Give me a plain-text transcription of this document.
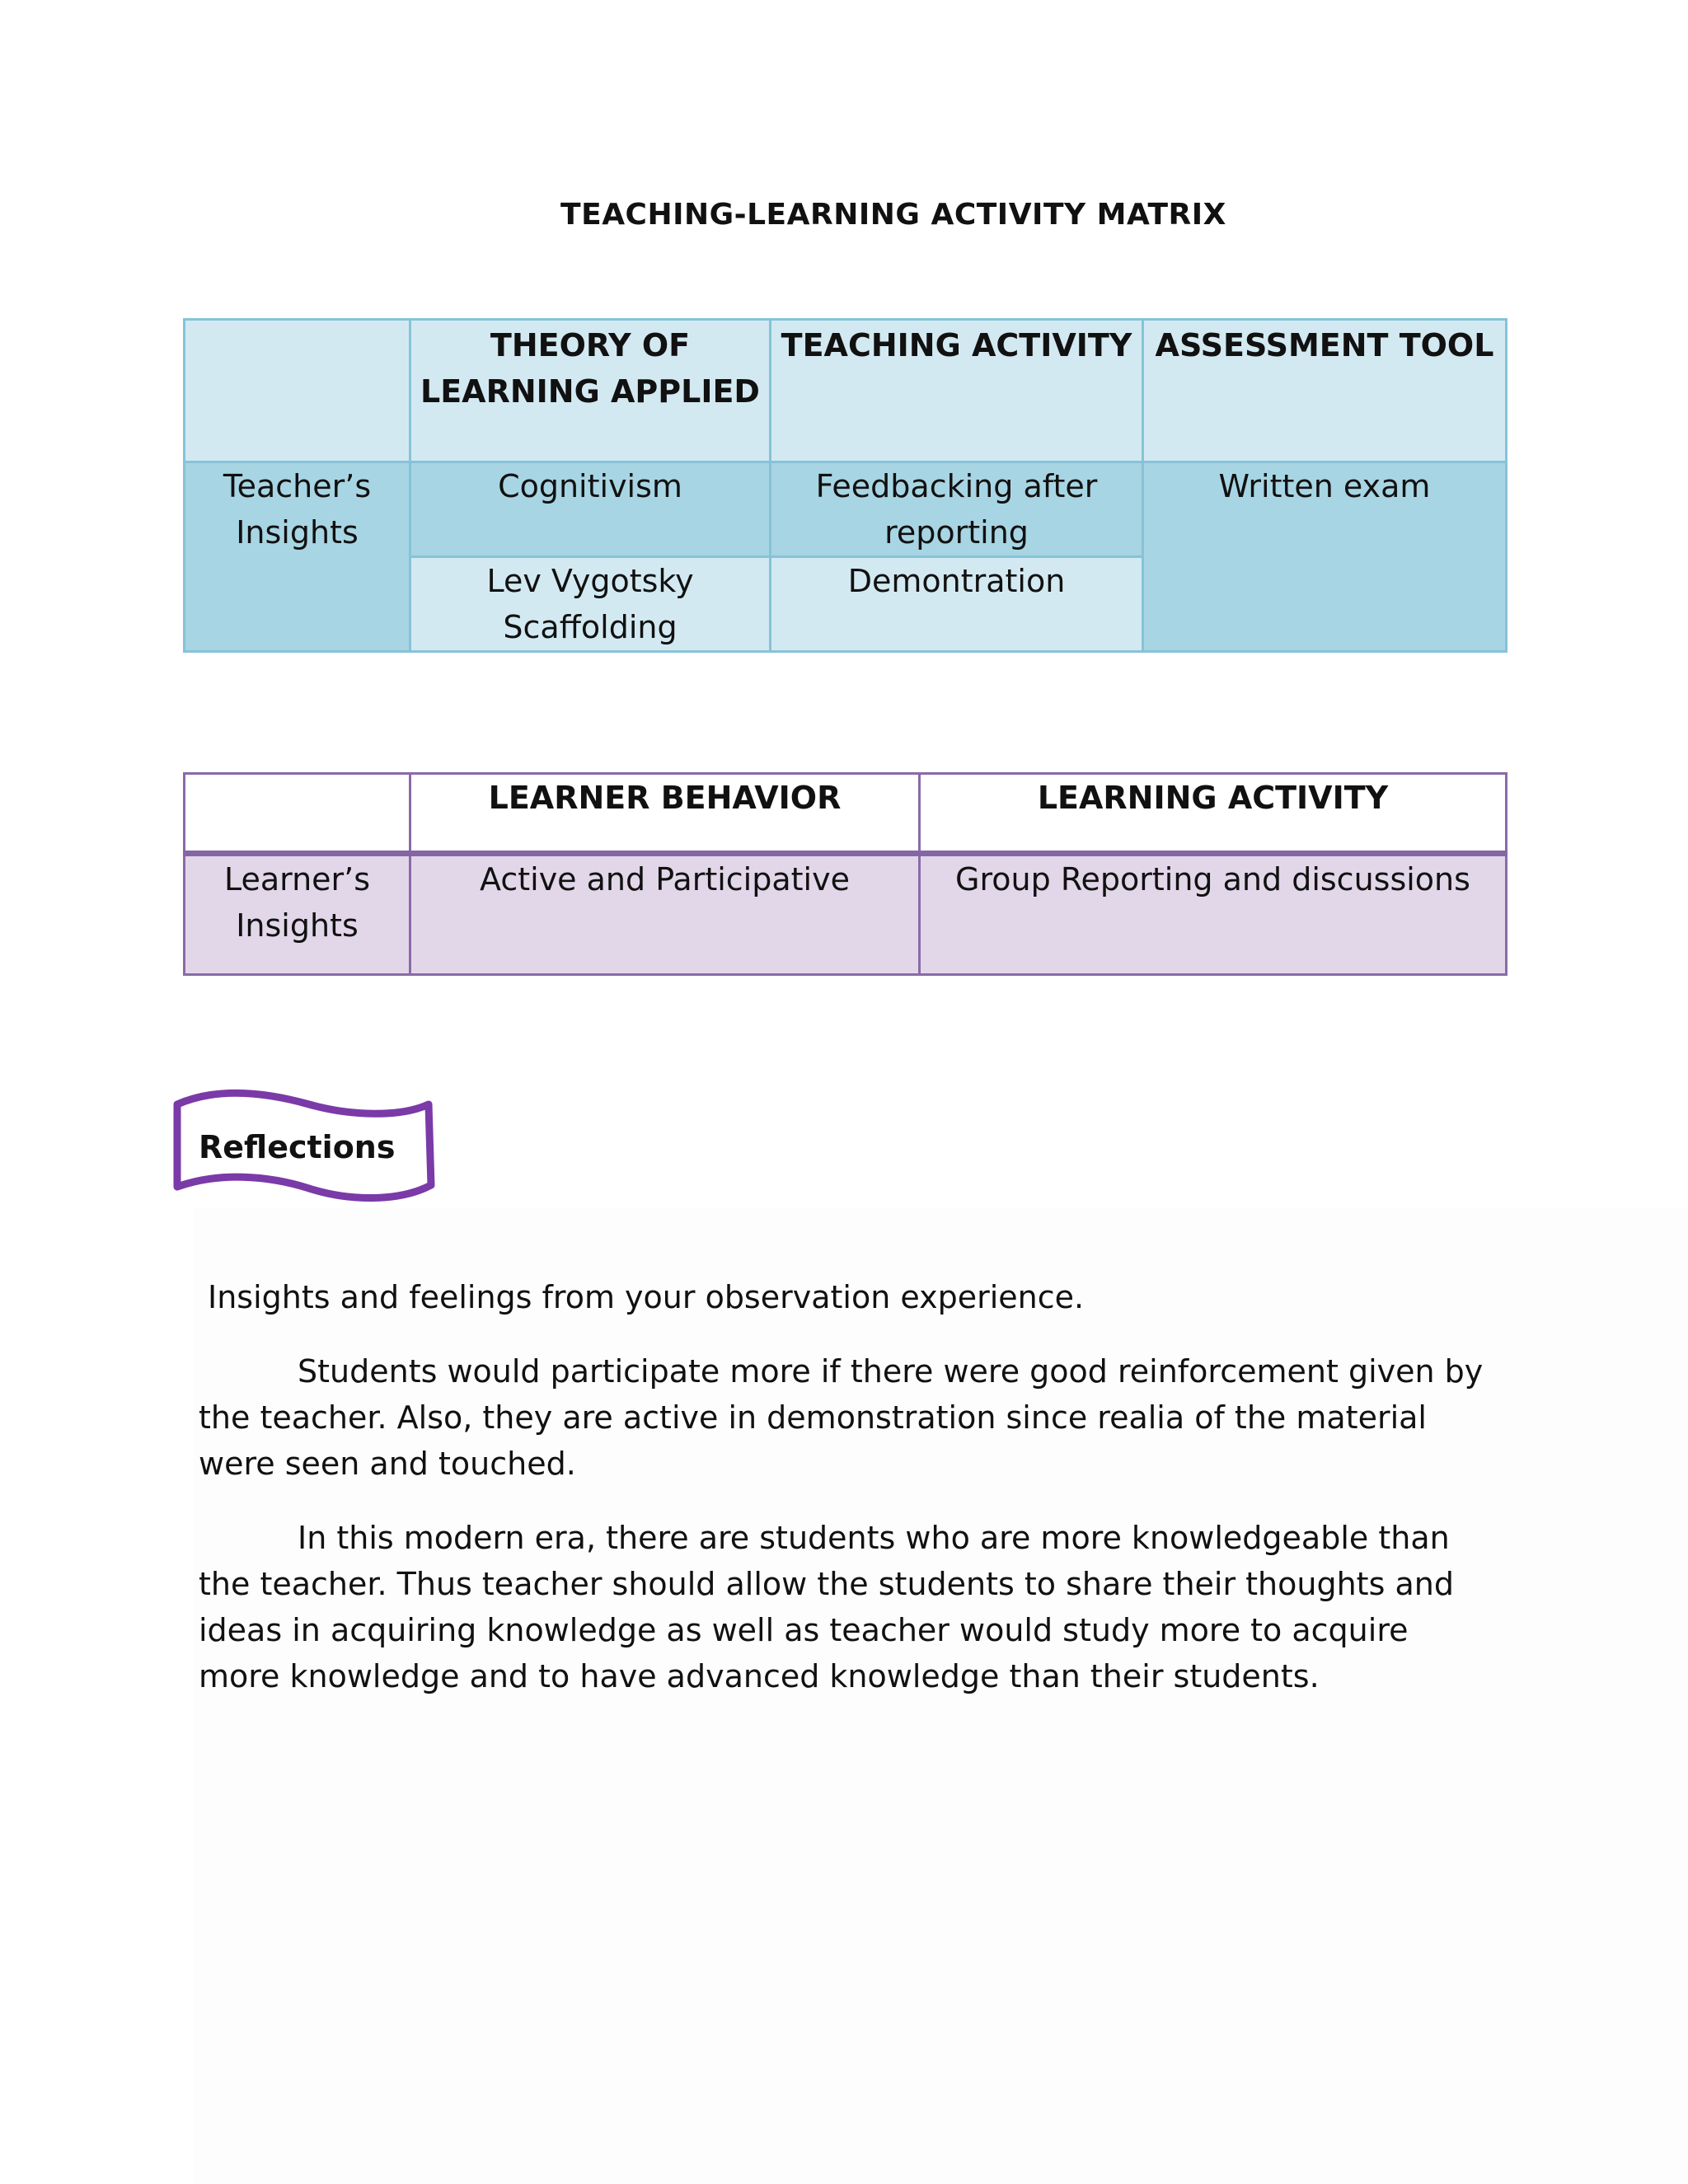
TEACHING-LEARNING ACTIVITY MATRIX
	THEORY OF LEARNING APPLIED	TEACHING ACTIVITY	ASSESSMENT TOOL
Teacher’s Insights	Cognitivism	Feedbacking after reporting	Written exam
	Lev Vygotsky Scaffolding	Demontration	
	LEARNER BEHAVIOR	LEARNING ACTIVITY
Learner’s Insights	Active and Participative	Group Reporting and discussions
Reflections
Insights and feelings from your observation experience.

Students would participate more if there were good reinforcement given by the teacher. Also, they are active in demonstration since realia of the material were seen and touched.

In this modern era, there are students who are more knowledgeable than the teacher. Thus teacher should allow the students to share their thoughts and ideas in acquiring knowledge as well as teacher would study more to acquire more knowledge and to have advanced knowledge than their students.
